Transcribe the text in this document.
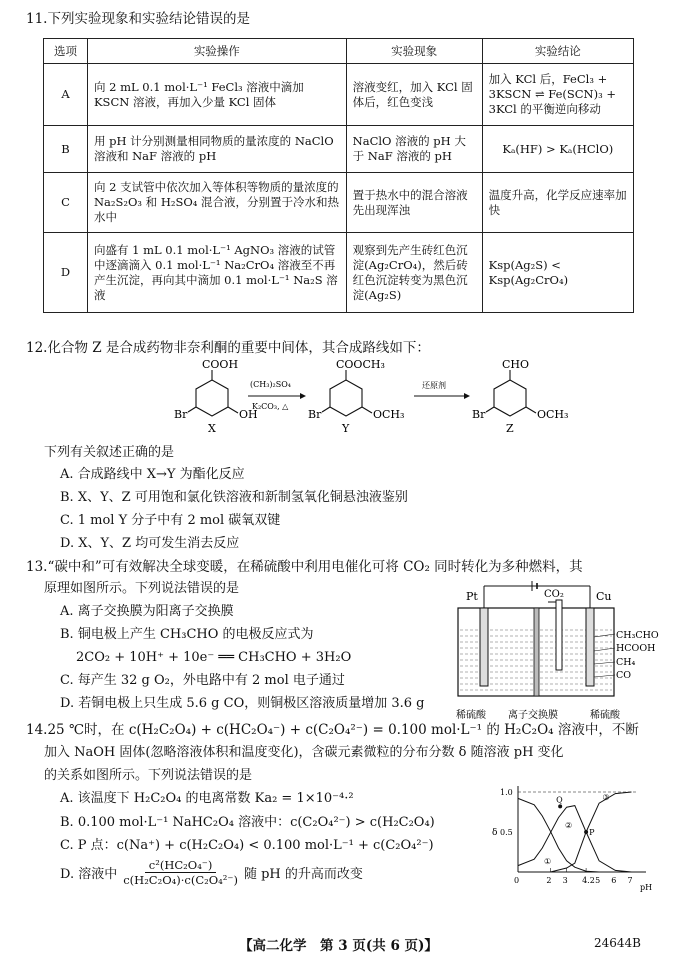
11.下列实验现象和实验结论错误的是
选项	实验操作	实验现象	实验结论
A	向 2 mL 0.1 mol·L⁻¹ FeCl₃ 溶液中滴加 KSCN 溶液，再加入少量 KCl 固体	溶液变红，加入 KCl 固体后，红色变浅	加入 KCl 后，FeCl₃ + 3KSCN ⇌ Fe(SCN)₃ + 3KCl 的平衡逆向移动
B	用 pH 计分别测量相同物质的量浓度的 NaClO 溶液和 NaF 溶液的 pH	NaClO 溶液的 pH 大于 NaF 溶液的 pH	Kₐ(HF) > Kₐ(HClO)
C	向 2 支试管中依次加入等体积等物质的量浓度的 Na₂S₂O₃ 和 H₂SO₄ 混合液，分别置于冷水和热水中	置于热水中的混合溶液先出现浑浊	温度升高，化学反应速率加快
D	向盛有 1 mL 0.1 mol·L⁻¹ AgNO₃ 溶液的试管中逐滴滴入 0.1 mol·L⁻¹ Na₂CrO₄ 溶液至不再产生沉淀，再向其中滴加 0.1 mol·L⁻¹ Na₂S 溶液	观察到先产生砖红色沉淀(Ag₂CrO₄)，然后砖红色沉淀转变为黑色沉淀(Ag₂S)	Ksp(Ag₂S) < Ksp(Ag₂CrO₄)
12.化合物 Z 是合成药物非奈利酮的重要中间体，其合成路线如下：
COOH
OH
Br
X
(CH₃)₂SO₄
K₂CO₃, △
COOCH₃
OCH₃
Br
Y
还原剂
CHO
OCH₃
Br
Z
下列有关叙述正确的是
A. 合成路线中 X→Y 为酯化反应
B. X、Y、Z 可用饱和氯化铁溶液和新制氢氧化铜悬浊液鉴别
C. 1 mol Y 分子中有 2 mol 碳氧双键
D. X、Y、Z 均可发生消去反应
13.“碳中和”可有效解决全球变暖，在稀硫酸中利用电催化可将 CO₂ 同时转化为多种燃料，其
原理如图所示。下列说法错误的是
A. 离子交换膜为阳离子交换膜
B. 铜电极上产生 CH₃CHO 的电极反应式为
2CO₂ + 10H⁺ + 10e⁻ ══ CH₃CHO + 3H₂O
C. 每产生 32 g O₂，外电路中有 2 mol 电子通过
D. 若铜电极上只生成 5.6 g CO，则铜极区溶液质量增加 3.6 g
Pt	Cu
CO₂
CH₃CHO
HCOOH
CH₄
CO
稀硫酸 离子交换膜	稀硫酸
14.25 ℃时，在 c(H₂C₂O₄) + c(HC₂O₄⁻) + c(C₂O₄²⁻) = 0.100 mol·L⁻¹ 的 H₂C₂O₄ 溶液中，不断
加入 NaOH 固体(忽略溶液体积和温度变化)，含碳元素微粒的分布分数 δ 随溶液 pH 变化
的关系如图所示。下列说法错误的是
A. 该温度下 H₂C₂O₄ 的电离常数 Ka₂ = 1×10⁻⁴·²
B. 0.100 mol·L⁻¹ NaHC₂O₄ 溶液中：c(C₂O₄²⁻) > c(H₂C₂O₄)
C. P 点：c(Na⁺) + c(H₂C₂O₄) < 0.100 mol·L⁻¹ + c(C₂O₄²⁻)
D. 溶液中 $\frac{\text{c²(HC₂O₄⁻)}}{\text{c(H₂C₂O₄)·c(C₂O₄²⁻)}}$ 随 pH 的升高而改变	0	2 3 4.2 5 6 7
0.5
1.0
δ
pH
①
②
③
Q
P
【高二化学　第 3 页(共 6 页)】	24644B
